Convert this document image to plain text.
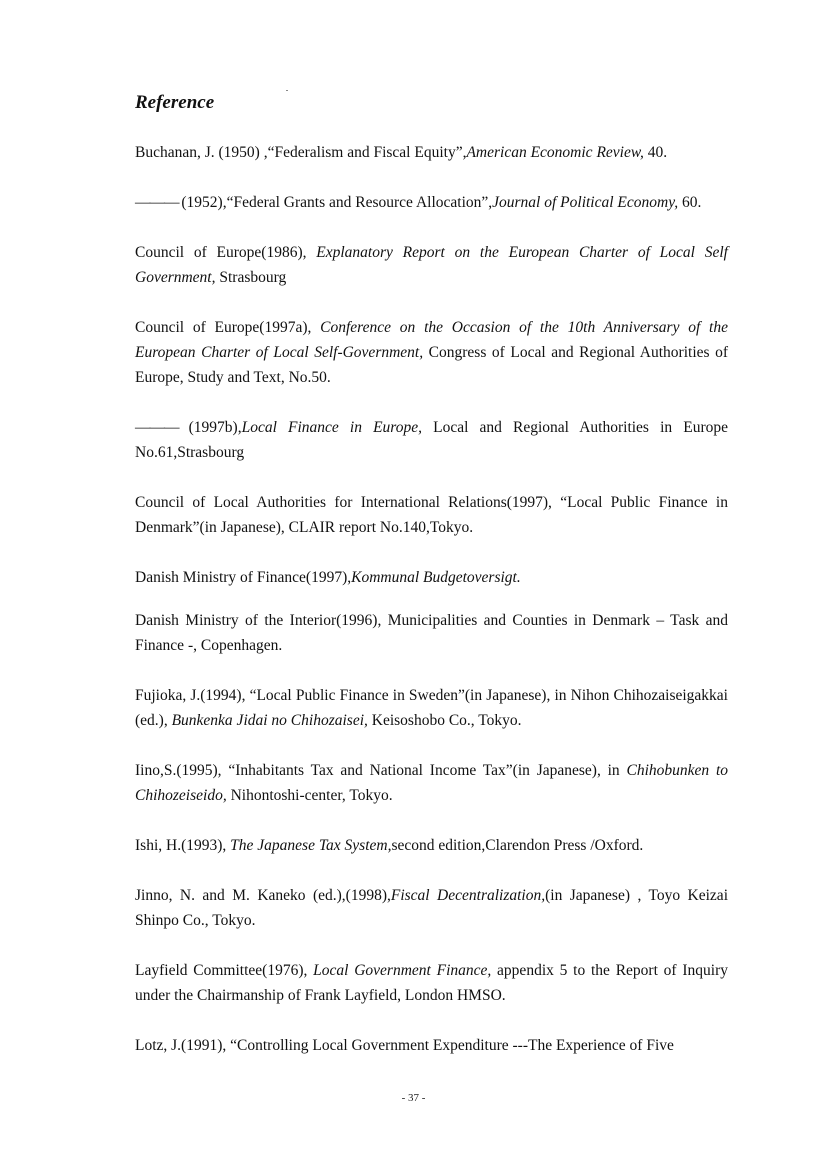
Reference
Buchanan, J. (1950) ,“Federalism and Fiscal Equity”,American Economic Review, 40.
——— (1952),“Federal Grants and Resource Allocation”,Journal of Political Economy, 60.
Council of Europe(1986), Explanatory Report on the European Charter of Local Self Government, Strasbourg
Council of Europe(1997a), Conference on the Occasion of the 10th Anniversary of the European Charter of Local Self-Government, Congress of Local and Regional Authorities of Europe, Study and Text, No.50.
——— (1997b),Local Finance in Europe, Local and Regional Authorities in Europe No.61,Strasbourg
Council of Local Authorities for International Relations(1997), “Local Public Finance in Denmark”(in Japanese), CLAIR report No.140,Tokyo.
Danish Ministry of Finance(1997),Kommunal Budgetoversigt.
Danish Ministry of the Interior(1996), Municipalities and Counties in Denmark – Task and Finance -, Copenhagen.
Fujioka, J.(1994), “Local Public Finance in Sweden”(in Japanese), in Nihon Chihozaiseigakkai (ed.), Bunkenka Jidai no Chihozaisei, Keisoshobo Co., Tokyo.
Iino,S.(1995), “Inhabitants Tax and National Income Tax”(in Japanese), in Chihobunken to Chihozeiseido, Nihontoshi-center, Tokyo.
Ishi, H.(1993), The Japanese Tax System,second edition,Clarendon Press /Oxford.
Jinno, N. and M. Kaneko (ed.),(1998),Fiscal Decentralization,(in Japanese) , Toyo Keizai Shinpo Co., Tokyo.
Layfield Committee(1976), Local Government Finance, appendix 5 to the Report of Inquiry under the Chairmanship of Frank Layfield, London HMSO.
Lotz, J.(1991), “Controlling Local Government Expenditure ---The Experience of Five
- 37 -
